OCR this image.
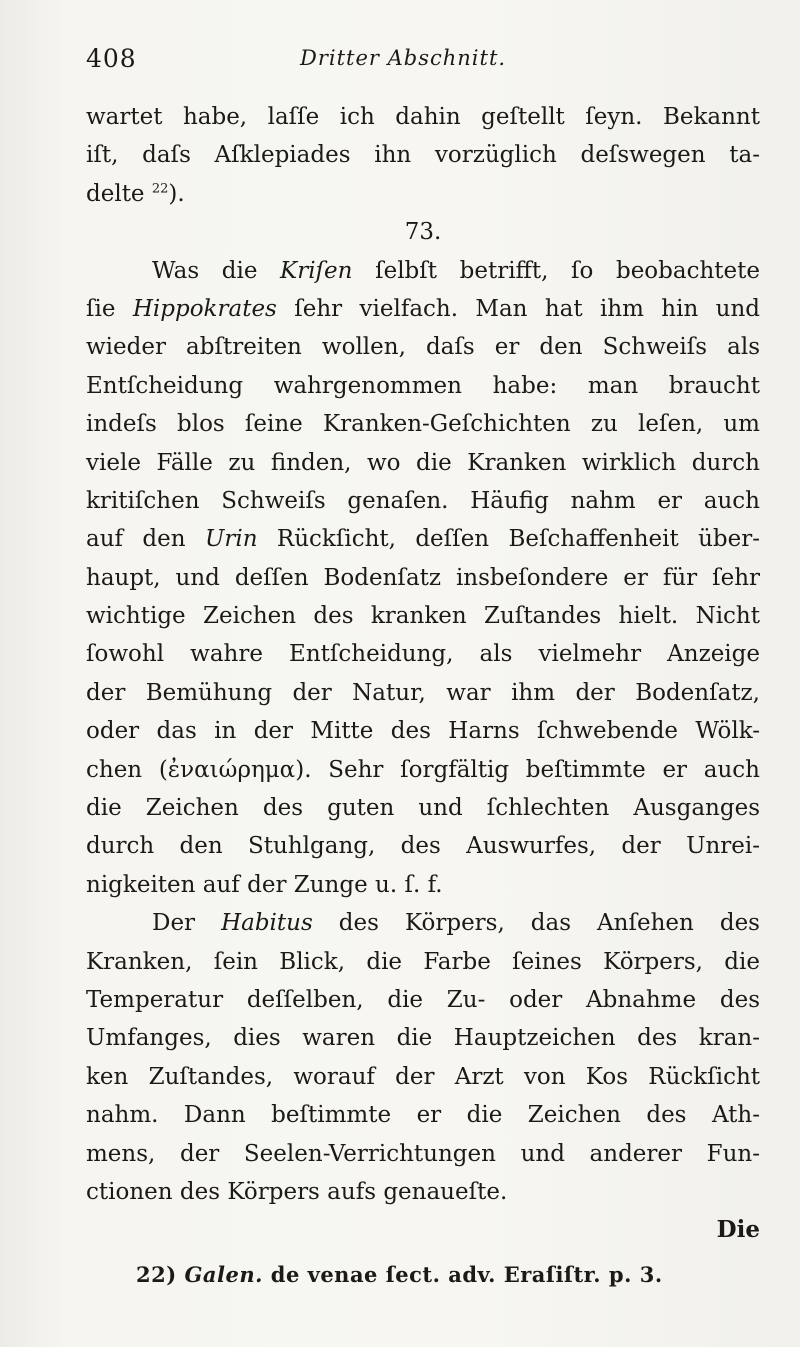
408	Dritter Abschnitt.
wartet habe, laſſe ich dahin geſtellt ſeyn. Bekannt
iſt, daſs Aſklepiades ihn vorzüglich deſswegen ta-
delte $^{22}$).
73.
Was die Kriſen ſelbſt betrifft, ſo beobachtete
ſie Hippokrates ſehr vielfach. Man hat ihm hin und
wieder abſtreiten wollen, daſs er den Schweiſs als
Entſcheidung wahrgenommen habe: man braucht
indeſs blos ſeine Kranken-Geſchichten zu leſen, um
viele Fälle zu finden, wo die Kranken wirklich durch
kritiſchen Schweiſs genaſen. Häufig nahm er auch
auf den Urin Rückſicht, deſſen Beſchaffenheit über-
haupt, und deſſen Bodenſatz insbeſondere er für ſehr
wichtige Zeichen des kranken Zuſtandes hielt. Nicht
ſowohl wahre Entſcheidung, als vielmehr Anzeige
der Bemühung der Natur, war ihm der Bodenſatz,
oder das in der Mitte des Harns ſchwebende Wölk-
chen (ἐναιώρημα). Sehr ſorgfältig beſtimmte er auch
die Zeichen des guten und ſchlechten Ausganges
durch den Stuhlgang, des Auswurfes, der Unrei-
nigkeiten auf der Zunge u. ſ. f.
Der Habitus des Körpers, das Anſehen des
Kranken, ſein Blick, die Farbe ſeines Körpers, die
Temperatur deſſelben, die Zu- oder Abnahme des
Umfanges, dies waren die Hauptzeichen des kran-
ken Zuſtandes, worauf der Arzt von Kos Rückſicht
nahm. Dann beſtimmte er die Zeichen des Ath-
mens, der Seelen-Verrichtungen und anderer Fun-
ctionen des Körpers aufs genaueſte.
Die
22) Galen. de venae ſect. adv. Eraſiſtr. p. 3.
